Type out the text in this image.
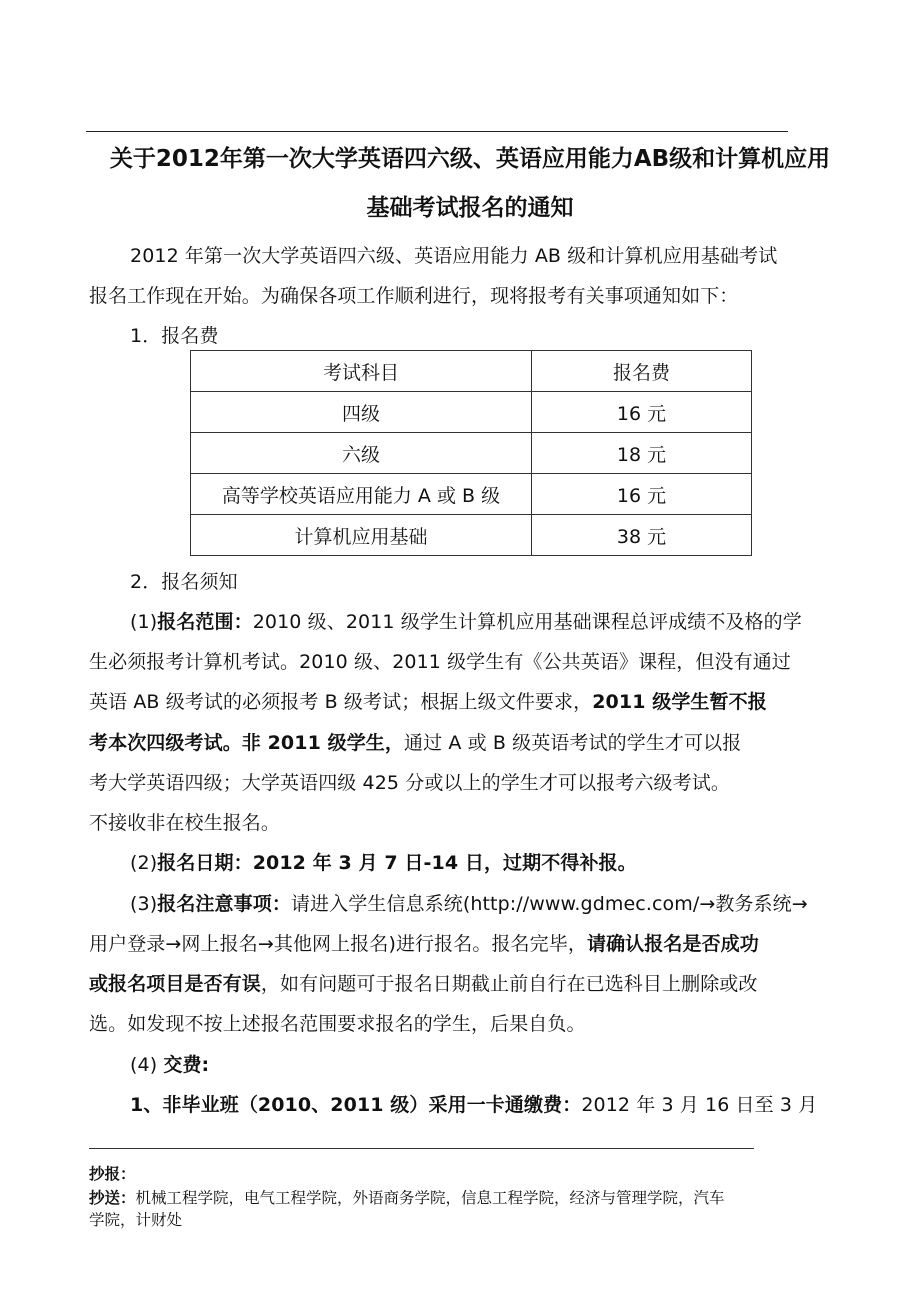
关于2012年第一次大学英语四六级、英语应用能力AB级和计算机应用
基础考试报名的通知
2012 年第一次大学英语四六级、英语应用能力 AB 级和计算机应用基础考试
报名工作现在开始。为确保各项工作顺利进行，现将报考有关事项通知如下：
1．报名费
考试科目	报名费
四级	16 元
六级	18 元
高等学校英语应用能力 A 或 B 级	16 元
计算机应用基础	38 元
2．报名须知
(1)报名范围：2010 级、2011 级学生计算机应用基础课程总评成绩不及格的学
生必须报考计算机考试。2010 级、2011 级学生有《公共英语》课程，但没有通过
英语 AB 级考试的必须报考 B 级考试；根据上级文件要求，2011 级学生暂不报
考本次四级考试。非 2011 级学生，通过 A 或 B 级英语考试的学生才可以报
考大学英语四级；大学英语四级 425 分或以上的学生才可以报考六级考试。
不接收非在校生报名。
(2)报名日期：2012 年 3 月 7 日-14 日，过期不得补报。
(3)报名注意事项：请进入学生信息系统(http://www.gdmec.com/→教务系统→
用户登录→网上报名→其他网上报名)进行报名。报名完毕，请确认报名是否成功
或报名项目是否有误，如有问题可于报名日期截止前自行在已选科目上删除或改
选。如发现不按上述报名范围要求报名的学生，后果自负。
(4) 交费:
1、非毕业班（2010、2011 级）采用一卡通缴费：2012 年 3 月 16 日至 3 月
抄报：
抄送：机械工程学院，电气工程学院，外语商务学院，信息工程学院，经济与管理学院，汽车
学院，计财处
